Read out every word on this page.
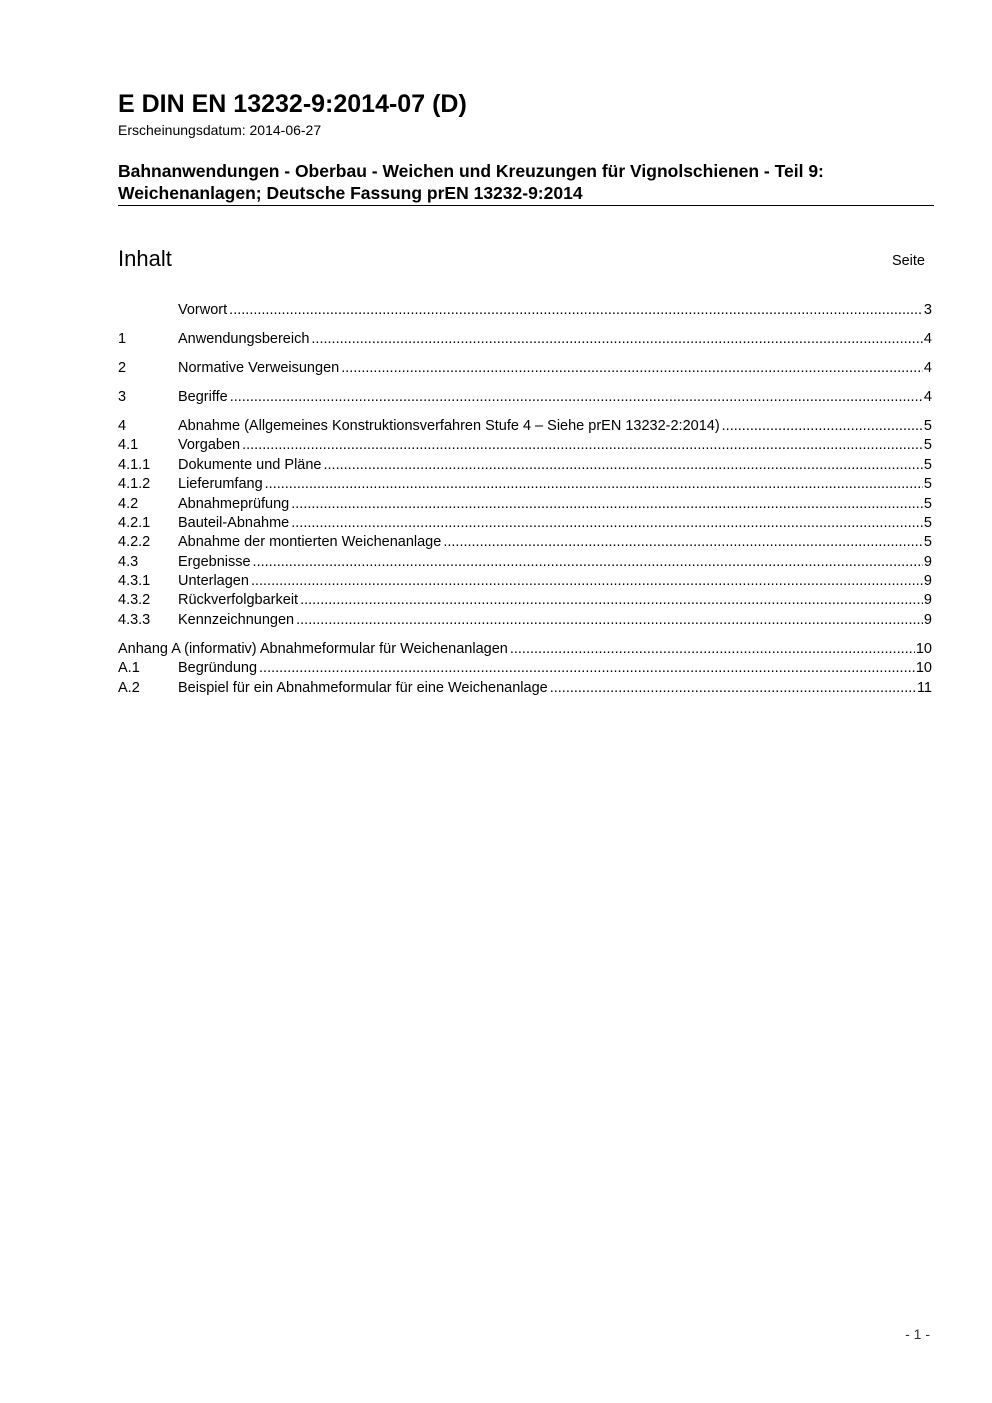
E DIN EN 13232-9:2014-07 (D)
Erscheinungsdatum: 2014-06-27
Bahnanwendungen - Oberbau - Weichen und Kreuzungen für Vignolschienen - Teil 9:
Weichenanlagen; Deutsche Fassung prEN 13232-9:2014
Inhalt	Seite
Vorwort .....	3
1	Anwendungsbereich .....	4
2	Normative Verweisungen .....	4
3	Begriffe .....	4
4	Abnahme (Allgemeines Konstruktionsverfahren Stufe 4 – Siehe prEN 13232-2:2014) .....	5
4.1	Vorgaben .....	5
4.1.1	Dokumente und Pläne .....	5
4.1.2	Lieferumfang .....	5
4.2	Abnahmeprüfung .....	5
4.2.1	Bauteil-Abnahme .....	5
4.2.2	Abnahme der montierten Weichenanlage .....	5
4.3	Ergebnisse .....	9
4.3.1	Unterlagen .....	9
4.3.2	Rückverfolgbarkeit .....	9
4.3.3	Kennzeichnungen .....	9
Anhang A (informativ) Abnahmeformular für Weichenanlagen .....	10
A.1	Begründung .....	10
A.2	Beispiel für ein Abnahmeformular für eine Weichenanlage .....	11
- 1 -
